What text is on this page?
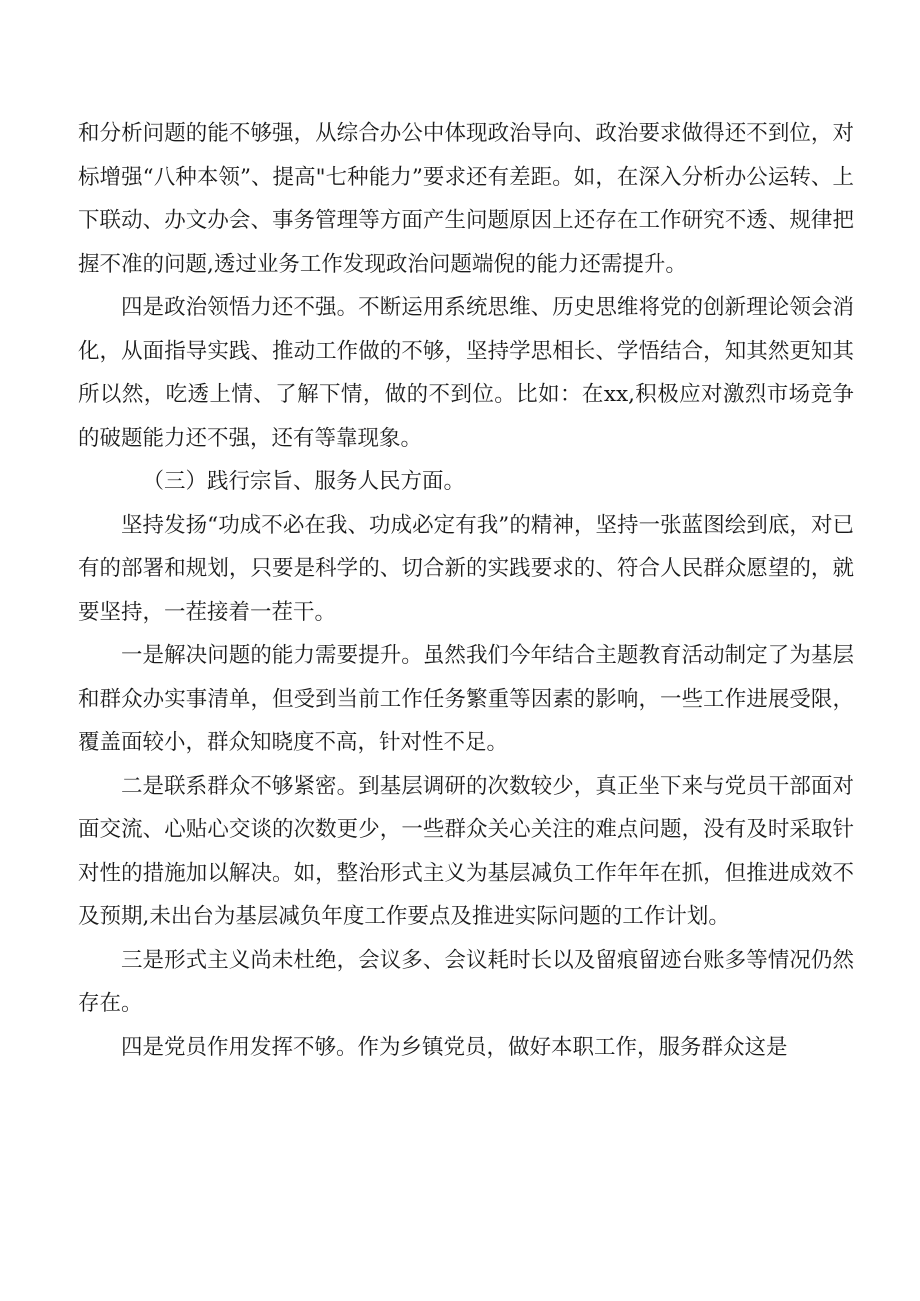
和分析问题的能不够强，从综合办公中体现政治导向、政治要求做得还不到位，对标增强“八种本领”、提高"七种能力”要求还有差距。如，在深入分析办公运转、上下联动、办文办会、事务管理等方面产生问题原因上还存在工作研究不透、规律把握不准的问题,透过业务工作发现政治问题端倪的能力还需提升。

四是政治领悟力还不强。不断运用系统思维、历史思维将党的创新理论领会消化，从面指导实践、推动工作做的不够，坚持学思相长、学悟结合，知其然更知其所以然，吃透上情、了解下情，做的不到位。比如：在xx,积极应对激烈市场竞争的破题能力还不强，还有等靠现象。

（三）践行宗旨、服务人民方面。

坚持发扬“功成不必在我、功成必定有我”的精神，坚持一张蓝图绘到底，对已有的部署和规划，只要是科学的、切合新的实践要求的、符合人民群众愿望的，就要坚持，一茬接着一茬干。

一是解决问题的能力需要提升。虽然我们今年结合主题教育活动制定了为基层和群众办实事清单，但受到当前工作任务繁重等因素的影响，一些工作进展受限，覆盖面较小，群众知晓度不高，针对性不足。

二是联系群众不够紧密。到基层调研的次数较少，真正坐下来与党员干部面对面交流、心贴心交谈的次数更少，一些群众关心关注的难点问题，没有及时采取针对性的措施加以解决。如，整治形式主义为基层减负工作年年在抓，但推进成效不及预期,未出台为基层减负年度工作要点及推进实际问题的工作计划。

三是形式主义尚未杜绝，会议多、会议耗时长以及留痕留迹台账多等情况仍然存在。

四是党员作用发挥不够。作为乡镇党员，做好本职工作，服务群众这是
